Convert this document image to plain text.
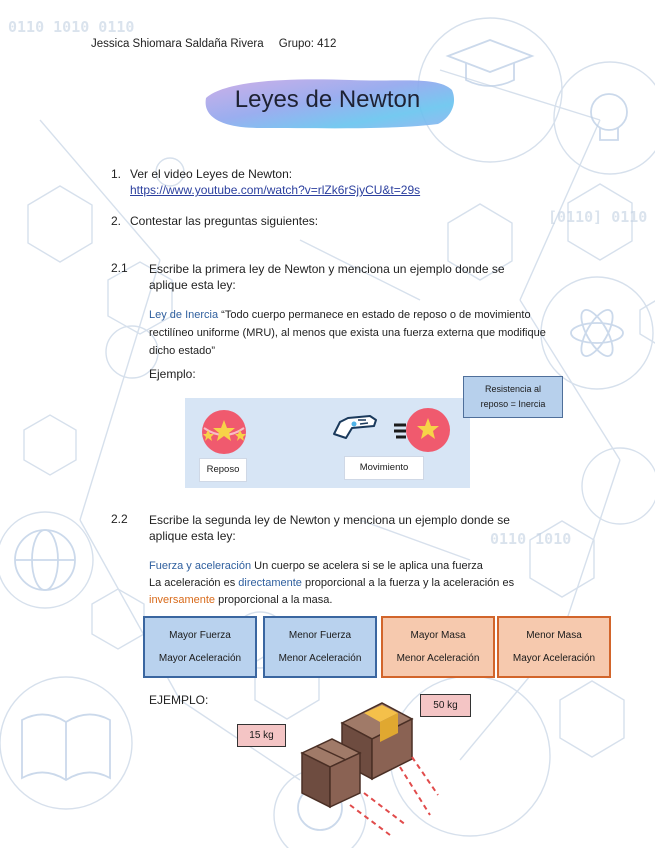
0110 1010 0110
[0110] 0110
0110 1010
Jessica Shiomara Saldaña Rivera Grupo: 412
Leyes de Newton
1. Ver el video Leyes de Newton:
https://www.youtube.com/watch?v=rlZk6rSjyCU&t=29s
2. Contestar las preguntas siguientes:
2.1 Escribe la primera ley de Newton y menciona un ejemplo donde se
aplique esta ley:
Ley de Inercia “Todo cuerpo permanece en estado de reposo o de movimiento rectilíneo uniforme (MRU), al menos que exista una fuerza externa que modifique dicho estado”
Ejemplo:
Reposo	Movimiento
Resistencia al
reposo = Inercia
2.2 Escribe la segunda ley de Newton y menciona un ejemplo donde se
aplique esta ley:
Fuerza y aceleración Un cuerpo se acelera si se le aplica una fuerza
La aceleración es directamente proporcional a la fuerza y la aceleración es
inversamente proporcional a la masa.
Mayor Fuerza
Mayor Aceleración
Menor Fuerza
Menor Aceleración
Mayor Masa
Menor Aceleración
Menor Masa
Mayor Aceleración
EJEMPLO:
15 kg
50 kg
